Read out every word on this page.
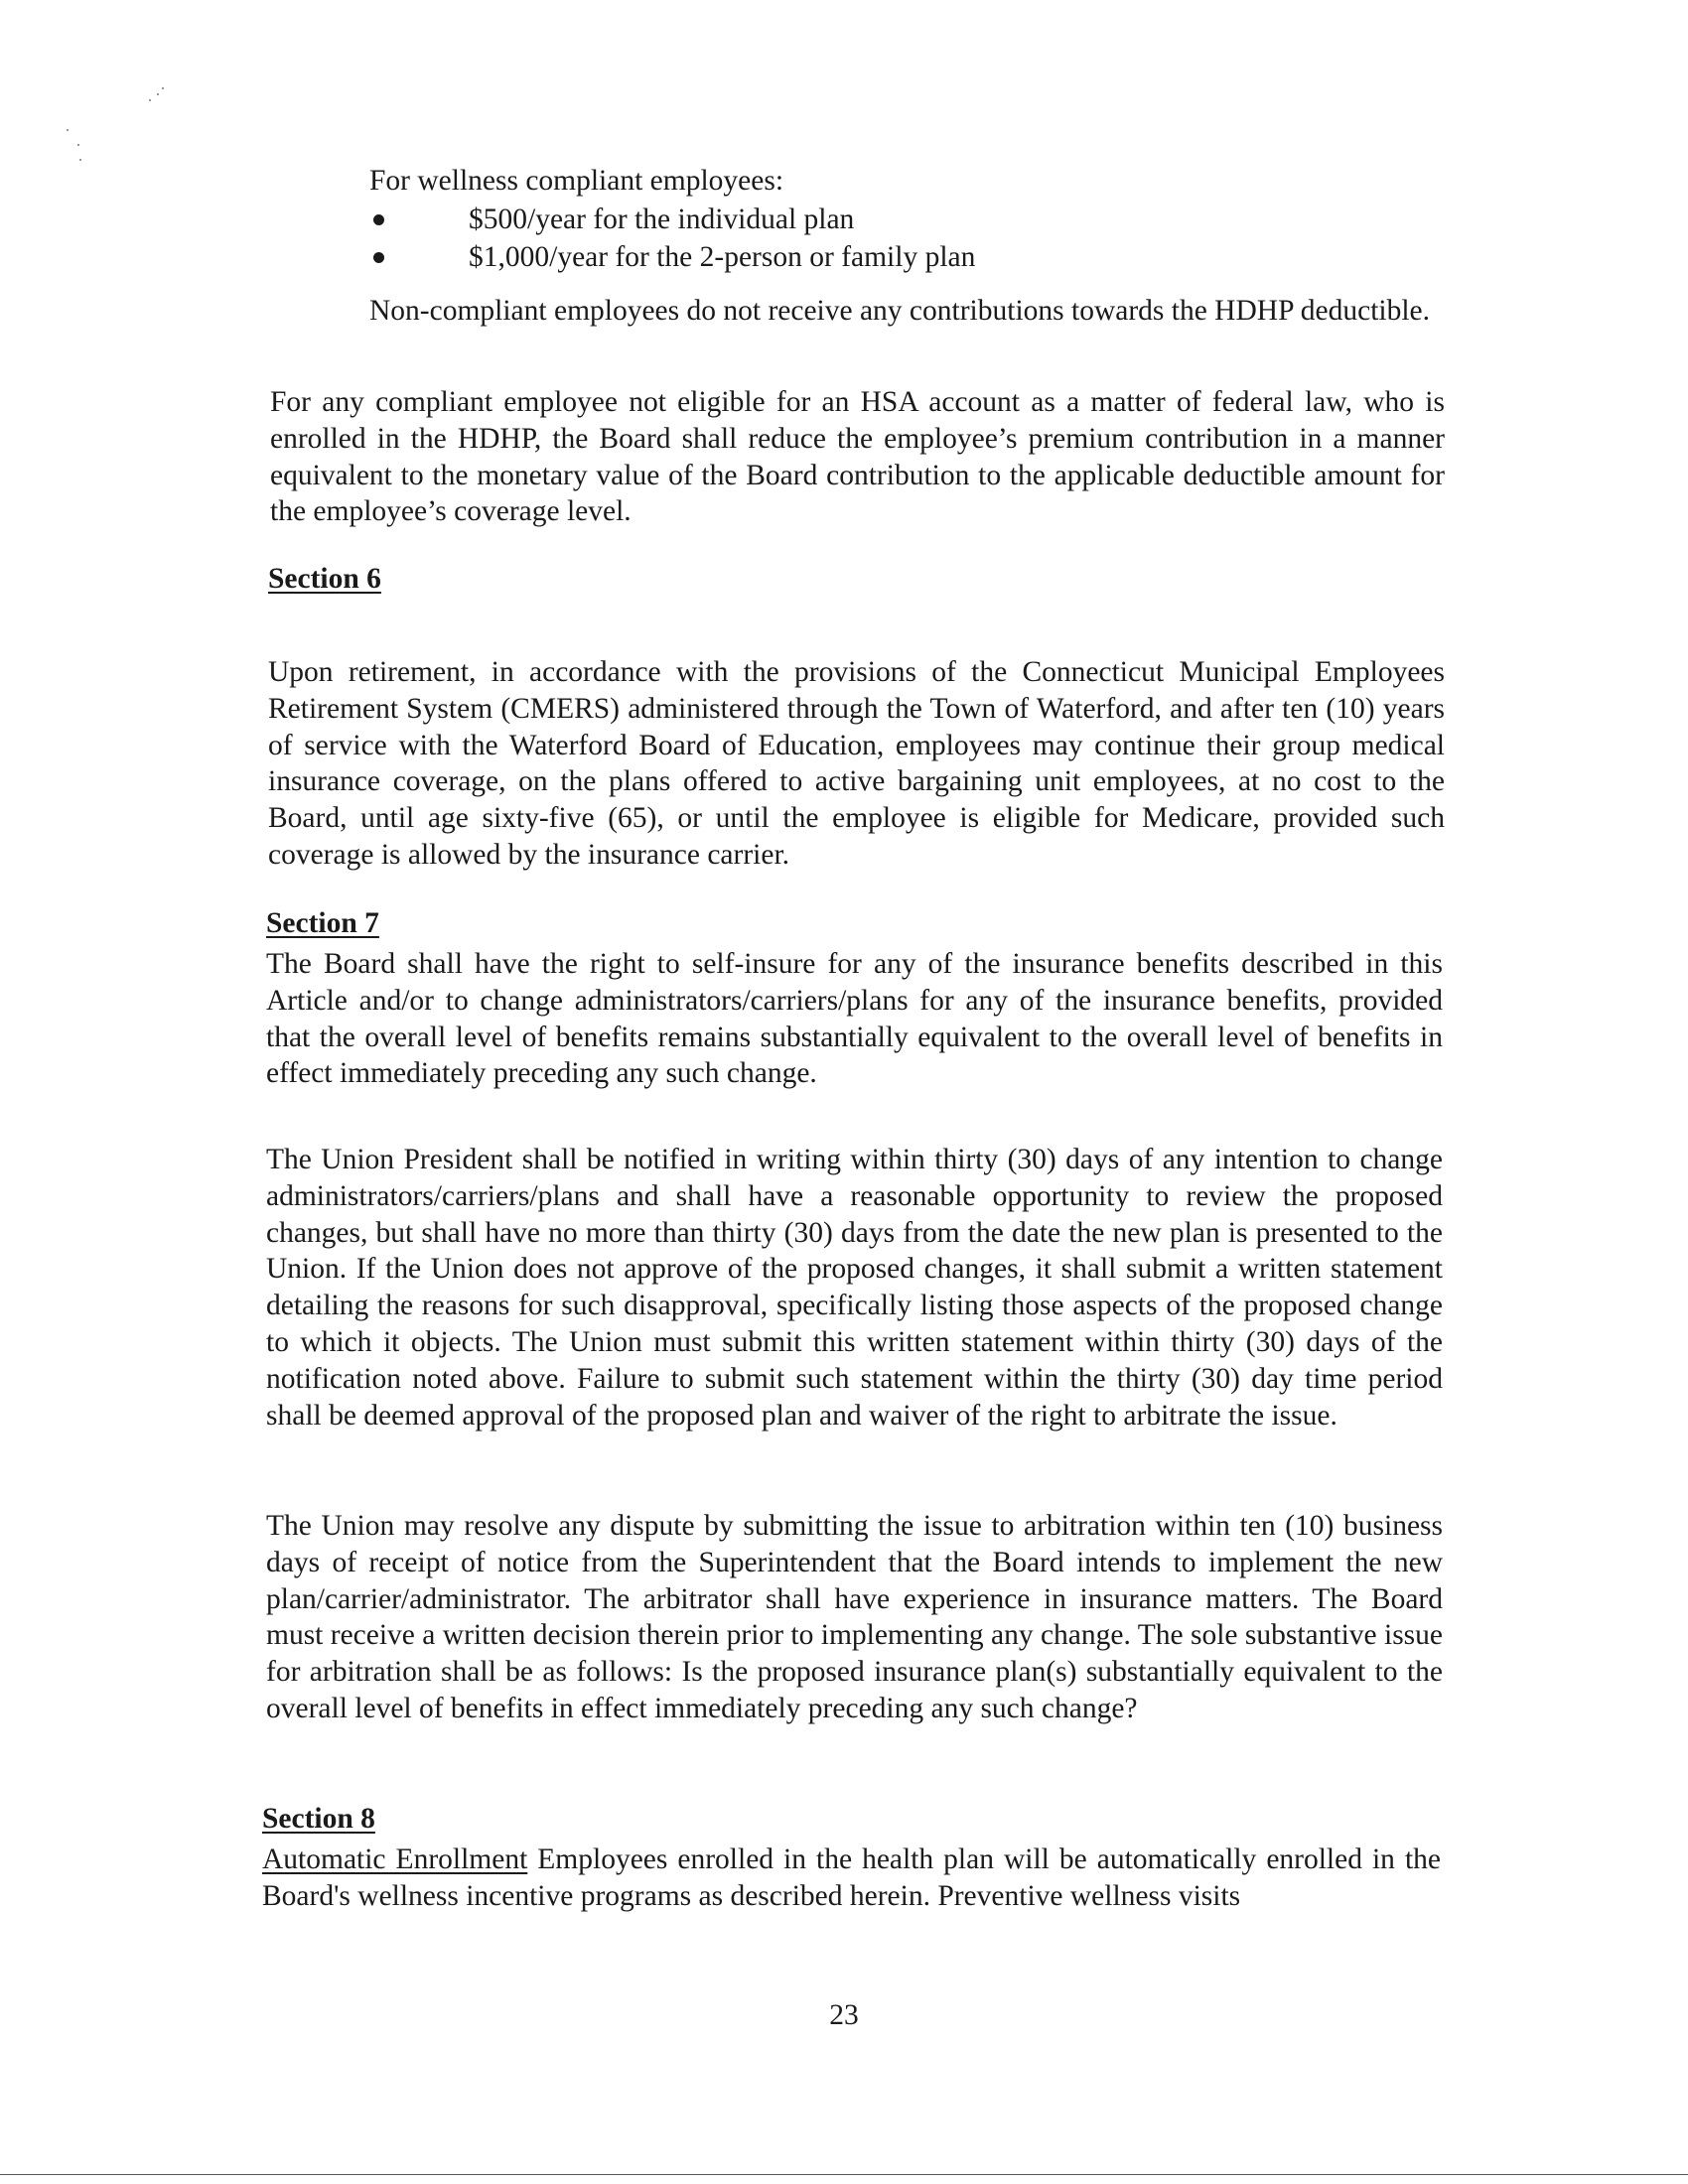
For wellness compliant employees:

$500/year for the individual plan
$1,000/year for the 2-person or family plan

Non-compliant employees do not receive any contributions towards the HDHP deductible.

For any compliant employee not eligible for an HSA account as a matter of federal law, who is enrolled in the HDHP, the Board shall reduce the employee’s premium contribution in a manner equivalent to the monetary value of the Board contribution to the applicable deductible amount for the employee’s coverage level.

Section 6

Upon retirement, in accordance with the provisions of the Connecticut Municipal Employees Retirement System (CMERS) administered through the Town of Waterford, and after ten (10) years of service with the Waterford Board of Education, employees may continue their group medical insurance coverage, on the plans offered to active bargaining unit employees, at no cost to the Board, until age sixty-five (65), or until the employee is eligible for Medicare, provided such coverage is allowed by the insurance carrier.

Section 7

The Board shall have the right to self-insure for any of the insurance benefits described in this Article and/or to change administrators/carriers/plans for any of the insurance benefits, provided that the overall level of benefits remains substantially equivalent to the overall level of benefits in effect immediately preceding any such change.

The Union President shall be notified in writing within thirty (30) days of any intention to change administrators/carriers/plans and shall have a reasonable opportunity to review the proposed changes, but shall have no more than thirty (30) days from the date the new plan is presented to the Union. If the Union does not approve of the proposed changes, it shall submit a written statement detailing the reasons for such disapproval, specifically listing those aspects of the proposed change to which it objects. The Union must submit this written statement within thirty (30) days of the notification noted above. Failure to submit such statement within the thirty (30) day time period shall be deemed approval of the proposed plan and waiver of the right to arbitrate the issue.

The Union may resolve any dispute by submitting the issue to arbitration within ten (10) business days of receipt of notice from the Superintendent that the Board intends to implement the new plan/carrier/administrator. The arbitrator shall have experience in insurance matters. The Board must receive a written decision therein prior to implementing any change. The sole substantive issue for arbitration shall be as follows: Is the proposed insurance plan(s) substantially equivalent to the overall level of benefits in effect immediately preceding any such change?

Section 8

Automatic Enrollment Employees enrolled in the health plan will be automatically enrolled in the Board's wellness incentive programs as described herein. Preventive wellness visits

23
